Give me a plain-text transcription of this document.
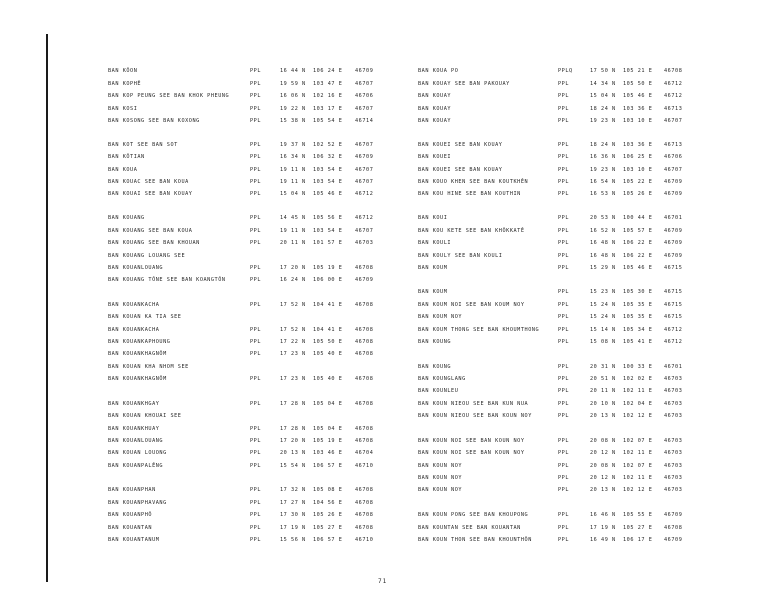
BAN KÔON	PPL	16 44 N 106 24 E 46709
BAN KOPHÊ	PPL	19 59 N 103 47 E 46707
BAN KOP PEUNG SEE BAN KHOK PHEUNG	PPL	16 06 N 102 16 E 46706
BAN KOSI	PPL	19 22 N 103 17 E 46707
BAN KOSONG SEE BAN KOXONG	PPL	15 38 N 105 54 E 46714
BAN KOT SEE BAN SOT	PPL	19 37 N 102 52 E 46707
BAN KÔTIAN	PPL	16 34 N 106 32 E 46709
BAN KOUA	PPL	19 11 N 103 54 E 46707
BAN KOUAC SEE BAN KOUA	PPL	19 11 N 103 54 E 46707
BAN KOUAI SEE BAN KOUAY	PPL	15 04 N 105 46 E 46712
BAN KOUANG	PPL	14 45 N 105 56 E 46712
BAN KOUANG SEE BAN KOUA	PPL	19 11 N 103 54 E 46707
BAN KOUANG SEE BAN KHOUAN	PPL	20 11 N 101 57 E 46703
BAN KOUANG LOUANG SEE
BAN KOUANLOUANG	PPL	17 20 N 105 19 E 46708
BAN KOUANG TÔNE SEE BAN KOANGTÔN	PPL	16 24 N 106 00 E 46709
BAN KOUANKACHA	PPL	17 52 N 104 41 E 46708
BAN KOUAN KA TIA SEE
BAN KOUANKACHA	PPL	17 52 N 104 41 E 46708
BAN KOUANKAPHOUNG	PPL	17 22 N 105 50 E 46708
BAN KOUANKHAGNÔM	PPL	17 23 N 105 40 E 46708
BAN KOUAN KHA NHOM SEE
BAN KOUANKHAGNÔM	PPL	17 23 N 105 40 E 46708
BAN KOUANKHGAY	PPL	17 28 N 105 04 E 46708
BAN KOUAN KHOUAI SEE
BAN KOUANKHUAY	PPL	17 28 N 105 04 E 46708
BAN KOUANLOUANG	PPL	17 20 N 105 19 E 46708
BAN KOUAN LOUONG	PPL	20 13 N 103 46 E 46704
BAN KOUANPALÊNG	PPL	15 54 N 106 57 E 46710
BAN KOUANPHAN	PPL	17 32 N 105 08 E 46708
BAN KOUANPHAVANG	PPL	17 27 N 104 56 E 46708
BAN KOUANPHÔ	PPL	17 30 N 105 26 E 46708
BAN KOUANTAN	PPL	17 19 N 105 27 E 46708
BAN KOUANTANUM	PPL	15 56 N 106 57 E 46710
BAN KOUA PO	PPLQ	17 50 N 105 21 E 46708
BAN KOUAY SEE BAN PAKOUAY	PPL	14 34 N 105 50 E 46712
BAN KOUAY	PPL	15 04 N 105 46 E 46712
BAN KOUAY	PPL	18 24 N 103 36 E 46713
BAN KOUAY	PPL	19 23 N 103 10 E 46707
BAN KOUEI SEE BAN KOUAY	PPL	18 24 N 103 36 E 46713
BAN KOUEI	PPL	16 36 N 106 25 E 46706
BAN KOUEI SEE BAN KOUAY	PPL	19 23 N 103 10 E 46707
BAN KOUO KHEN SEE BAN KOUTKHÊN	PPL	16 54 N 105 22 E 46709
BAN KOU HINE SEE BAN KOUTHIN	PPL	16 53 N 105 26 E 46709
BAN KOUI	PPL	20 53 N 100 44 E 46701
BAN KOU KETE SEE BAN KHÔKKATÊ	PPL	16 52 N 105 57 E 46709
BAN KOULI	PPL	16 48 N 106 22 E 46709
BAN KOULY SEE BAN KOULI	PPL	16 48 N 106 22 E 46709
BAN KOUM	PPL	15 29 N 105 46 E 46715
BAN KOUM	PPL	15 23 N 105 30 E 46715
BAN KOUM NOI SEE BAN KOUM NOY	PPL	15 24 N 105 35 E 46715
BAN KOUM NOY	PPL	15 24 N 105 35 E 46715
BAN KOUM THONG SEE BAN KHOUMTHONG	PPL	15 14 N 105 34 E 46712
BAN KOUNG	PPL	15 08 N 105 41 E 46712
BAN KOUNG	PPL	20 31 N 100 33 E 46701
BAN KOUNGLANG	PPL	20 51 N 102 02 E 46703
BAN KOUNLEU	PPL	20 11 N 102 11 E 46703
BAN KOUN NIEOU SEE BAN KUN NUA	PPL	20 10 N 102 04 E 46703
BAN KOUN NIEOU SEE BAN KOUN NOY	PPL	20 13 N 102 12 E 46703
BAN KOUN NOI SEE BAN KOUN NOY	PPL	20 08 N 102 07 E 46703
BAN KOUN NOI SEE BAN KOUN NOY	PPL	20 12 N 102 11 E 46703
BAN KOUN NOY	PPL	20 08 N 102 07 E 46703
BAN KOUN NOY	PPL	20 12 N 102 11 E 46703
BAN KOUN NOY	PPL	20 13 N 102 12 E 46703
BAN KOUN PONG SEE BAN KHOUPONG	PPL	16 46 N 105 55 E 46709
BAN KOUNTAN SEE BAN KOUANTAN	PPL	17 19 N 105 27 E 46708
BAN KOUN THON SEE BAN KHOUNTHÔN	PPL	16 49 N 106 17 E 46709
71
